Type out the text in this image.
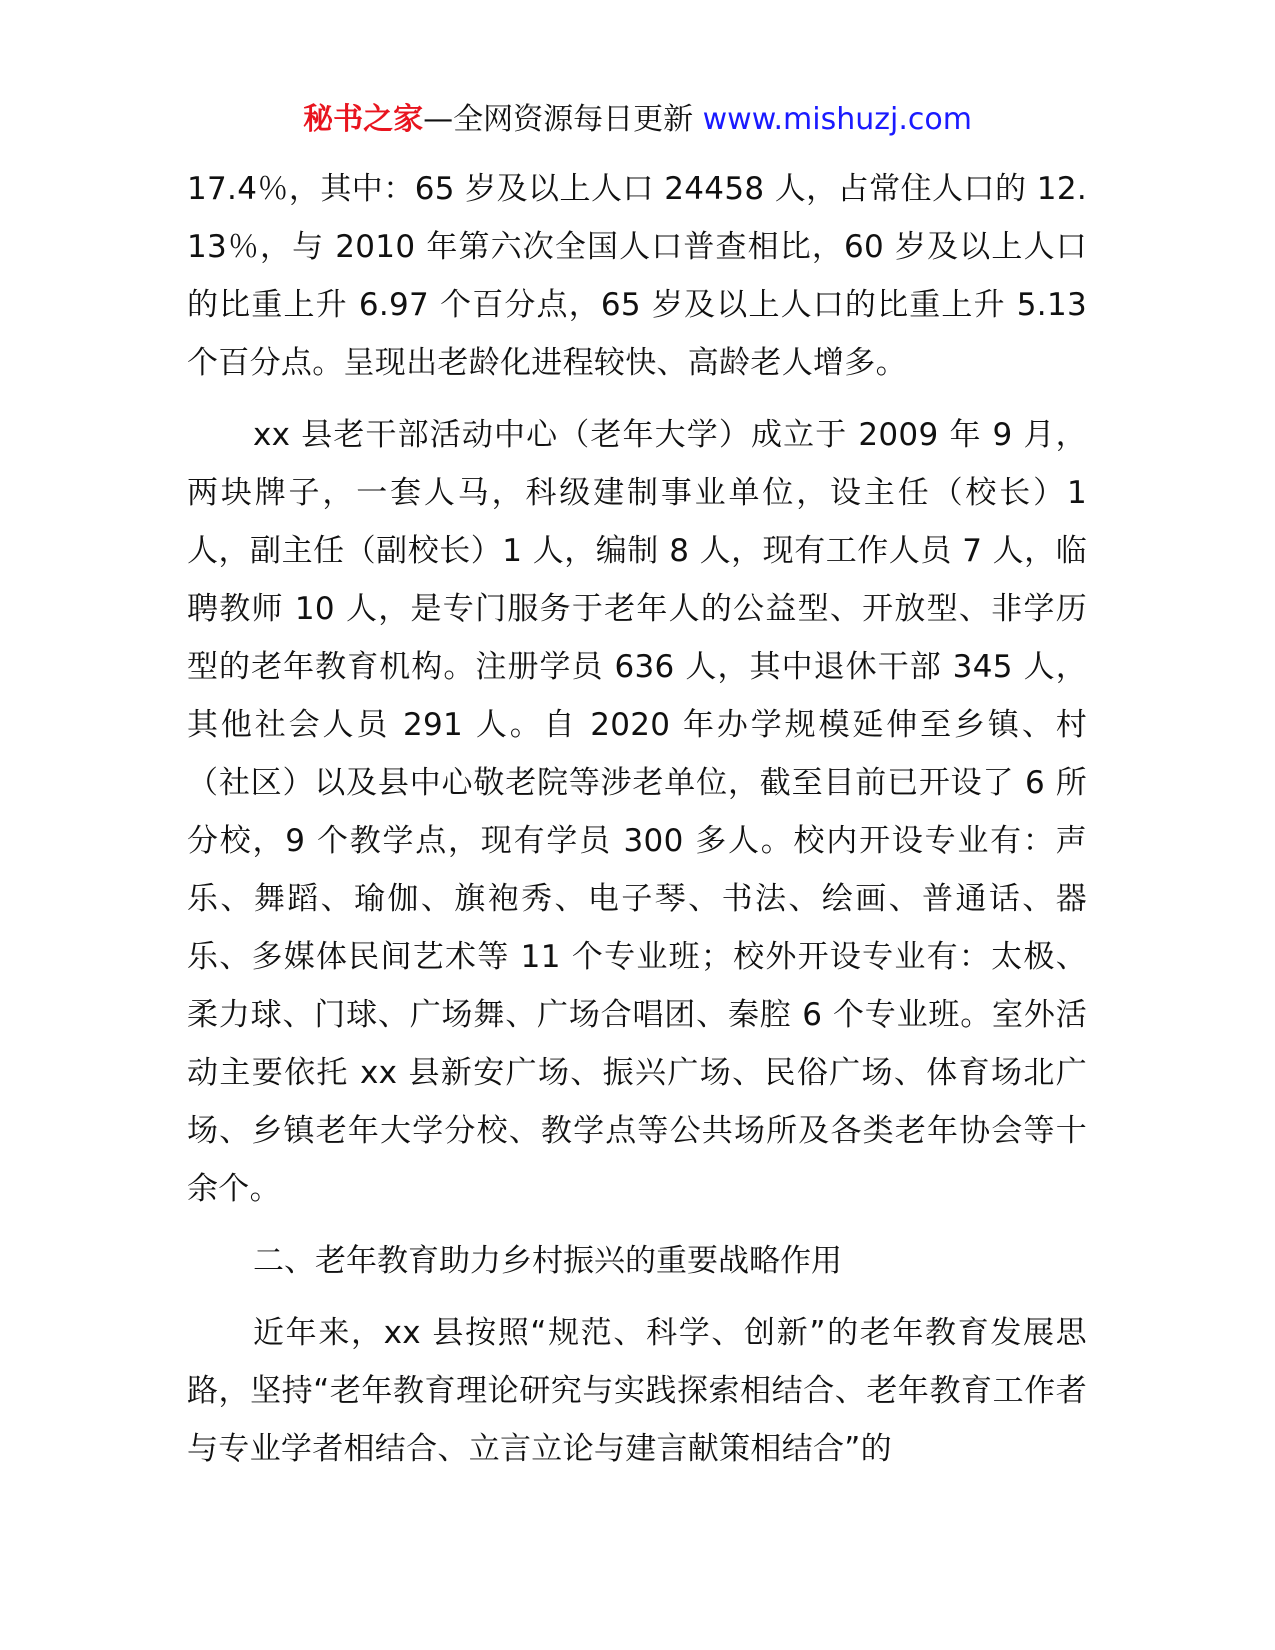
秘书之家—全网资源每日更新 www.mishuzj.com

17.4％，其中：65 岁及以上人口 24458 人，占常住人口的 12.13％，与 2010 年第六次全国人口普查相比，60 岁及以上人口的比重上升 6.97 个百分点，65 岁及以上人口的比重上升 5.13 个百分点。呈现出老龄化进程较快、高龄老人增多。

xx 县老干部活动中心（老年大学）成立于 2009 年 9 月，两块牌子，一套人马，科级建制事业单位，设主任（校长）1 人，副主任（副校长）1 人，编制 8 人，现有工作人员 7 人，临聘教师 10 人，是专门服务于老年人的公益型、开放型、非学历型的老年教育机构。注册学员 636 人，其中退休干部 345 人，其他社会人员 291 人。自 2020 年办学规模延伸至乡镇、村（社区）以及县中心敬老院等涉老单位，截至目前已开设了 6 所分校，9 个教学点，现有学员 300 多人。校内开设专业有：声乐、舞蹈、瑜伽、旗袍秀、电子琴、书法、绘画、普通话、器乐、多媒体民间艺术等 11 个专业班；校外开设专业有：太极、柔力球、门球、广场舞、广场合唱团、秦腔 6 个专业班。室外活动主要依托 xx 县新安广场、振兴广场、民俗广场、体育场北广场、乡镇老年大学分校、教学点等公共场所及各类老年协会等十余个。

二、老年教育助力乡村振兴的重要战略作用

近年来，xx 县按照“规范、科学、创新”的老年教育发展思路，坚持“老年教育理论研究与实践探索相结合、老年教育工作者与专业学者相结合、立言立论与建言献策相结合”的
